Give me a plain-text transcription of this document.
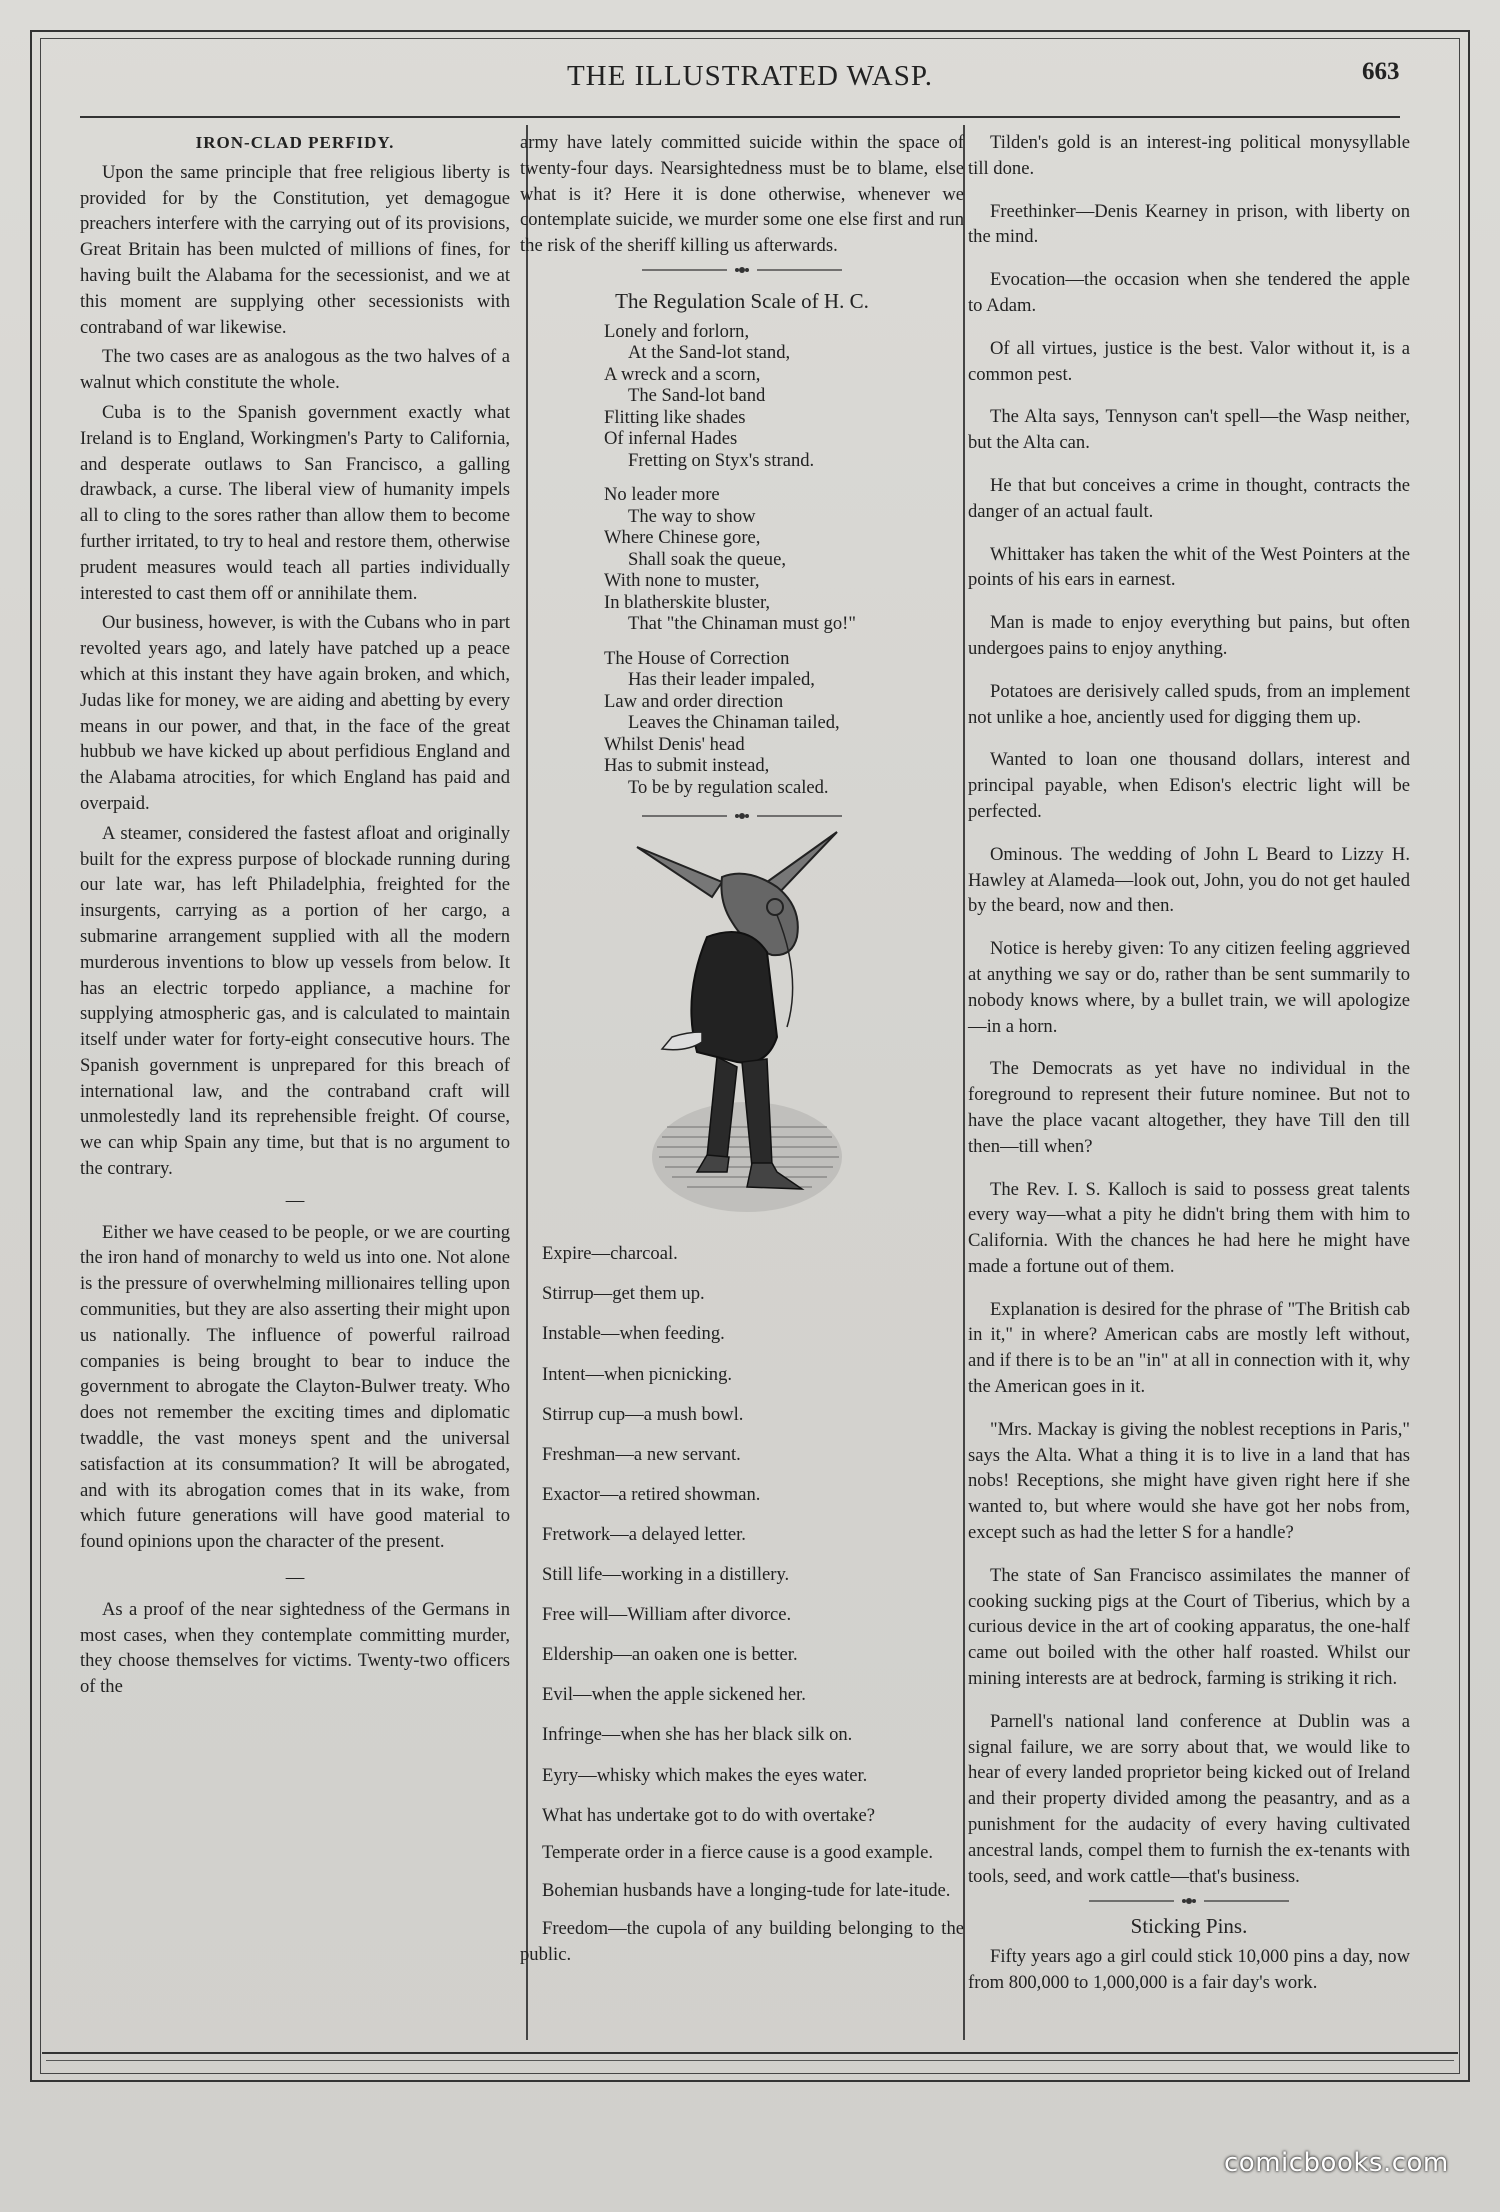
THE ILLUSTRATED WASP.	663
IRON-CLAD PERFIDY.

Upon the same principle that free religious liberty is provided for by the Constitution, yet demagogue preachers interfere with the carrying out of its provisions, Great Britain has been mulcted of millions of fines, for having built the Alabama for the secessionist, and we at this moment are supplying other secessionists with contraband of war likewise.

The two cases are as analogous as the two halves of a walnut which constitute the whole.

Cuba is to the Spanish government exactly what Ireland is to England, Workingmen's Party to California, and desperate outlaws to San Francisco, a galling drawback, a curse. The liberal view of humanity impels all to cling to the sores rather than allow them to become further irritated, to try to heal and restore them, otherwise prudent measures would teach all parties individually interested to cast them off or annihilate them.

Our business, however, is with the Cubans who in part revolted years ago, and lately have patched up a peace which at this instant they have again broken, and which, Judas like for money, we are aiding and abetting by every means in our power, and that, in the face of the great hubbub we have kicked up about perfidious England and the Alabama atrocities, for which England has paid and overpaid.

A steamer, considered the fastest afloat and originally built for the express purpose of blockade running during our late war, has left Philadelphia, freighted for the insurgents, carrying as a portion of her cargo, a submarine arrangement supplied with all the modern murderous inventions to blow up vessels from below. It has an electric torpedo appliance, a machine for supplying atmospheric gas, and is calculated to maintain itself under water for forty-eight consecutive hours. The Spanish government is unprepared for this breach of international law, and the contraband craft will unmolestedly land its reprehensible freight. Of course, we can whip Spain any time, but that is no argument to the contrary.

—

Either we have ceased to be people, or we are courting the iron hand of monarchy to weld us into one. Not alone is the pressure of overwhelming millionaires telling upon communities, but they are also asserting their might upon us nationally. The influence of powerful railroad companies is being brought to bear to induce the government to abrogate the Clayton-Bulwer treaty. Who does not remember the exciting times and diplomatic twaddle, the vast moneys spent and the universal satisfaction at its consummation? It will be abrogated, and with its abrogation comes that in its wake, from which future generations will have good material to found opinions upon the character of the present.

—

As a proof of the near sightedness of the Germans in most cases, when they contemplate committing murder, they choose themselves for victims. Twenty-two officers of the

army have lately committed suicide within the space of twenty-four days. Nearsightedness must be to blame, else what is it? Here it is done otherwise, whenever we contemplate suicide, we murder some one else first and run the risk of the sheriff killing us afterwards.

The Regulation Scale of H. C.
Lonely and forlorn,
At the Sand-lot stand,
A wreck and a scorn,
The Sand-lot band
Flitting like shades
Of infernal Hades
Fretting on Styx's strand.
No leader more
The way to show
Where Chinese gore,
Shall soak the queue,
With none to muster,
In blatherskite bluster,
That "the Chinaman must go!"
The House of Correction
Has their leader impaled,
Law and order direction
Leaves the Chinaman tailed,
Whilst Denis' head
Has to submit instead,
To be by regulation scaled.

Expire—charcoal.

Stirrup—get them up.

Instable—when feeding.

Intent—when picnicking.

Stirrup cup—a mush bowl.

Freshman—a new servant.

Exactor—a retired showman.

Fretwork—a delayed letter.

Still life—working in a distillery.

Free will—William after divorce.

Eldership—an oaken one is better.

Evil—when the apple sickened her.

Infringe—when she has her black silk on.

Eyry—whisky which makes the eyes water.

What has undertake got to do with overtake?

Temperate order in a fierce cause is a good example.

Bohemian husbands have a longing-tude for late-itude.

Freedom—the cupola of any building belonging to the public.

Tilden's gold is an interest-ing political monysyllable till done.

Freethinker—Denis Kearney in prison, with liberty on the mind.

Evocation—the occasion when she tendered the apple to Adam.

Of all virtues, justice is the best. Valor without it, is a common pest.

The Alta says, Tennyson can't spell—the Wasp neither, but the Alta can.

He that but conceives a crime in thought, contracts the danger of an actual fault.

Whittaker has taken the whit of the West Pointers at the points of his ears in earnest.

Man is made to enjoy everything but pains, but often undergoes pains to enjoy anything.

Potatoes are derisively called spuds, from an implement not unlike a hoe, anciently used for digging them up.

Wanted to loan one thousand dollars, interest and principal payable, when Edison's electric light will be perfected.

Ominous. The wedding of John L Beard to Lizzy H. Hawley at Alameda—look out, John, you do not get hauled by the beard, now and then.

Notice is hereby given: To any citizen feeling aggrieved at anything we say or do, rather than be sent summarily to nobody knows where, by a bullet train, we will apologize—in a horn.

The Democrats as yet have no individual in the foreground to represent their future nominee. But not to have the place vacant altogether, they have Till den till then—till when?

The Rev. I. S. Kalloch is said to possess great talents every way—what a pity he didn't bring them with him to California. With the chances he had here he might have made a fortune out of them.

Explanation is desired for the phrase of "The British cab in it," in where? American cabs are mostly left without, and if there is to be an "in" at all in connection with it, why the American goes in it.

"Mrs. Mackay is giving the noblest receptions in Paris," says the Alta. What a thing it is to live in a land that has nobs! Receptions, she might have given right here if she wanted to, but where would she have got her nobs from, except such as had the letter S for a handle?

The state of San Francisco assimilates the manner of cooking sucking pigs at the Court of Tiberius, which by a curious device in the art of cooking apparatus, the one-half came out boiled with the other half roasted. Whilst our mining interests are at bedrock, farming is striking it rich.

Parnell's national land conference at Dublin was a signal failure, we are sorry about that, we would like to hear of every landed proprietor being kicked out of Ireland and their property divided among the peasantry, and as a punishment for the audacity of every having cultivated ancestral lands, compel them to furnish the ex-tenants with tools, seed, and work cattle—that's business.

Sticking Pins.

Fifty years ago a girl could stick 10,000 pins a day, now from 800,000 to 1,000,000 is a fair day's work.

comicbooks.com
